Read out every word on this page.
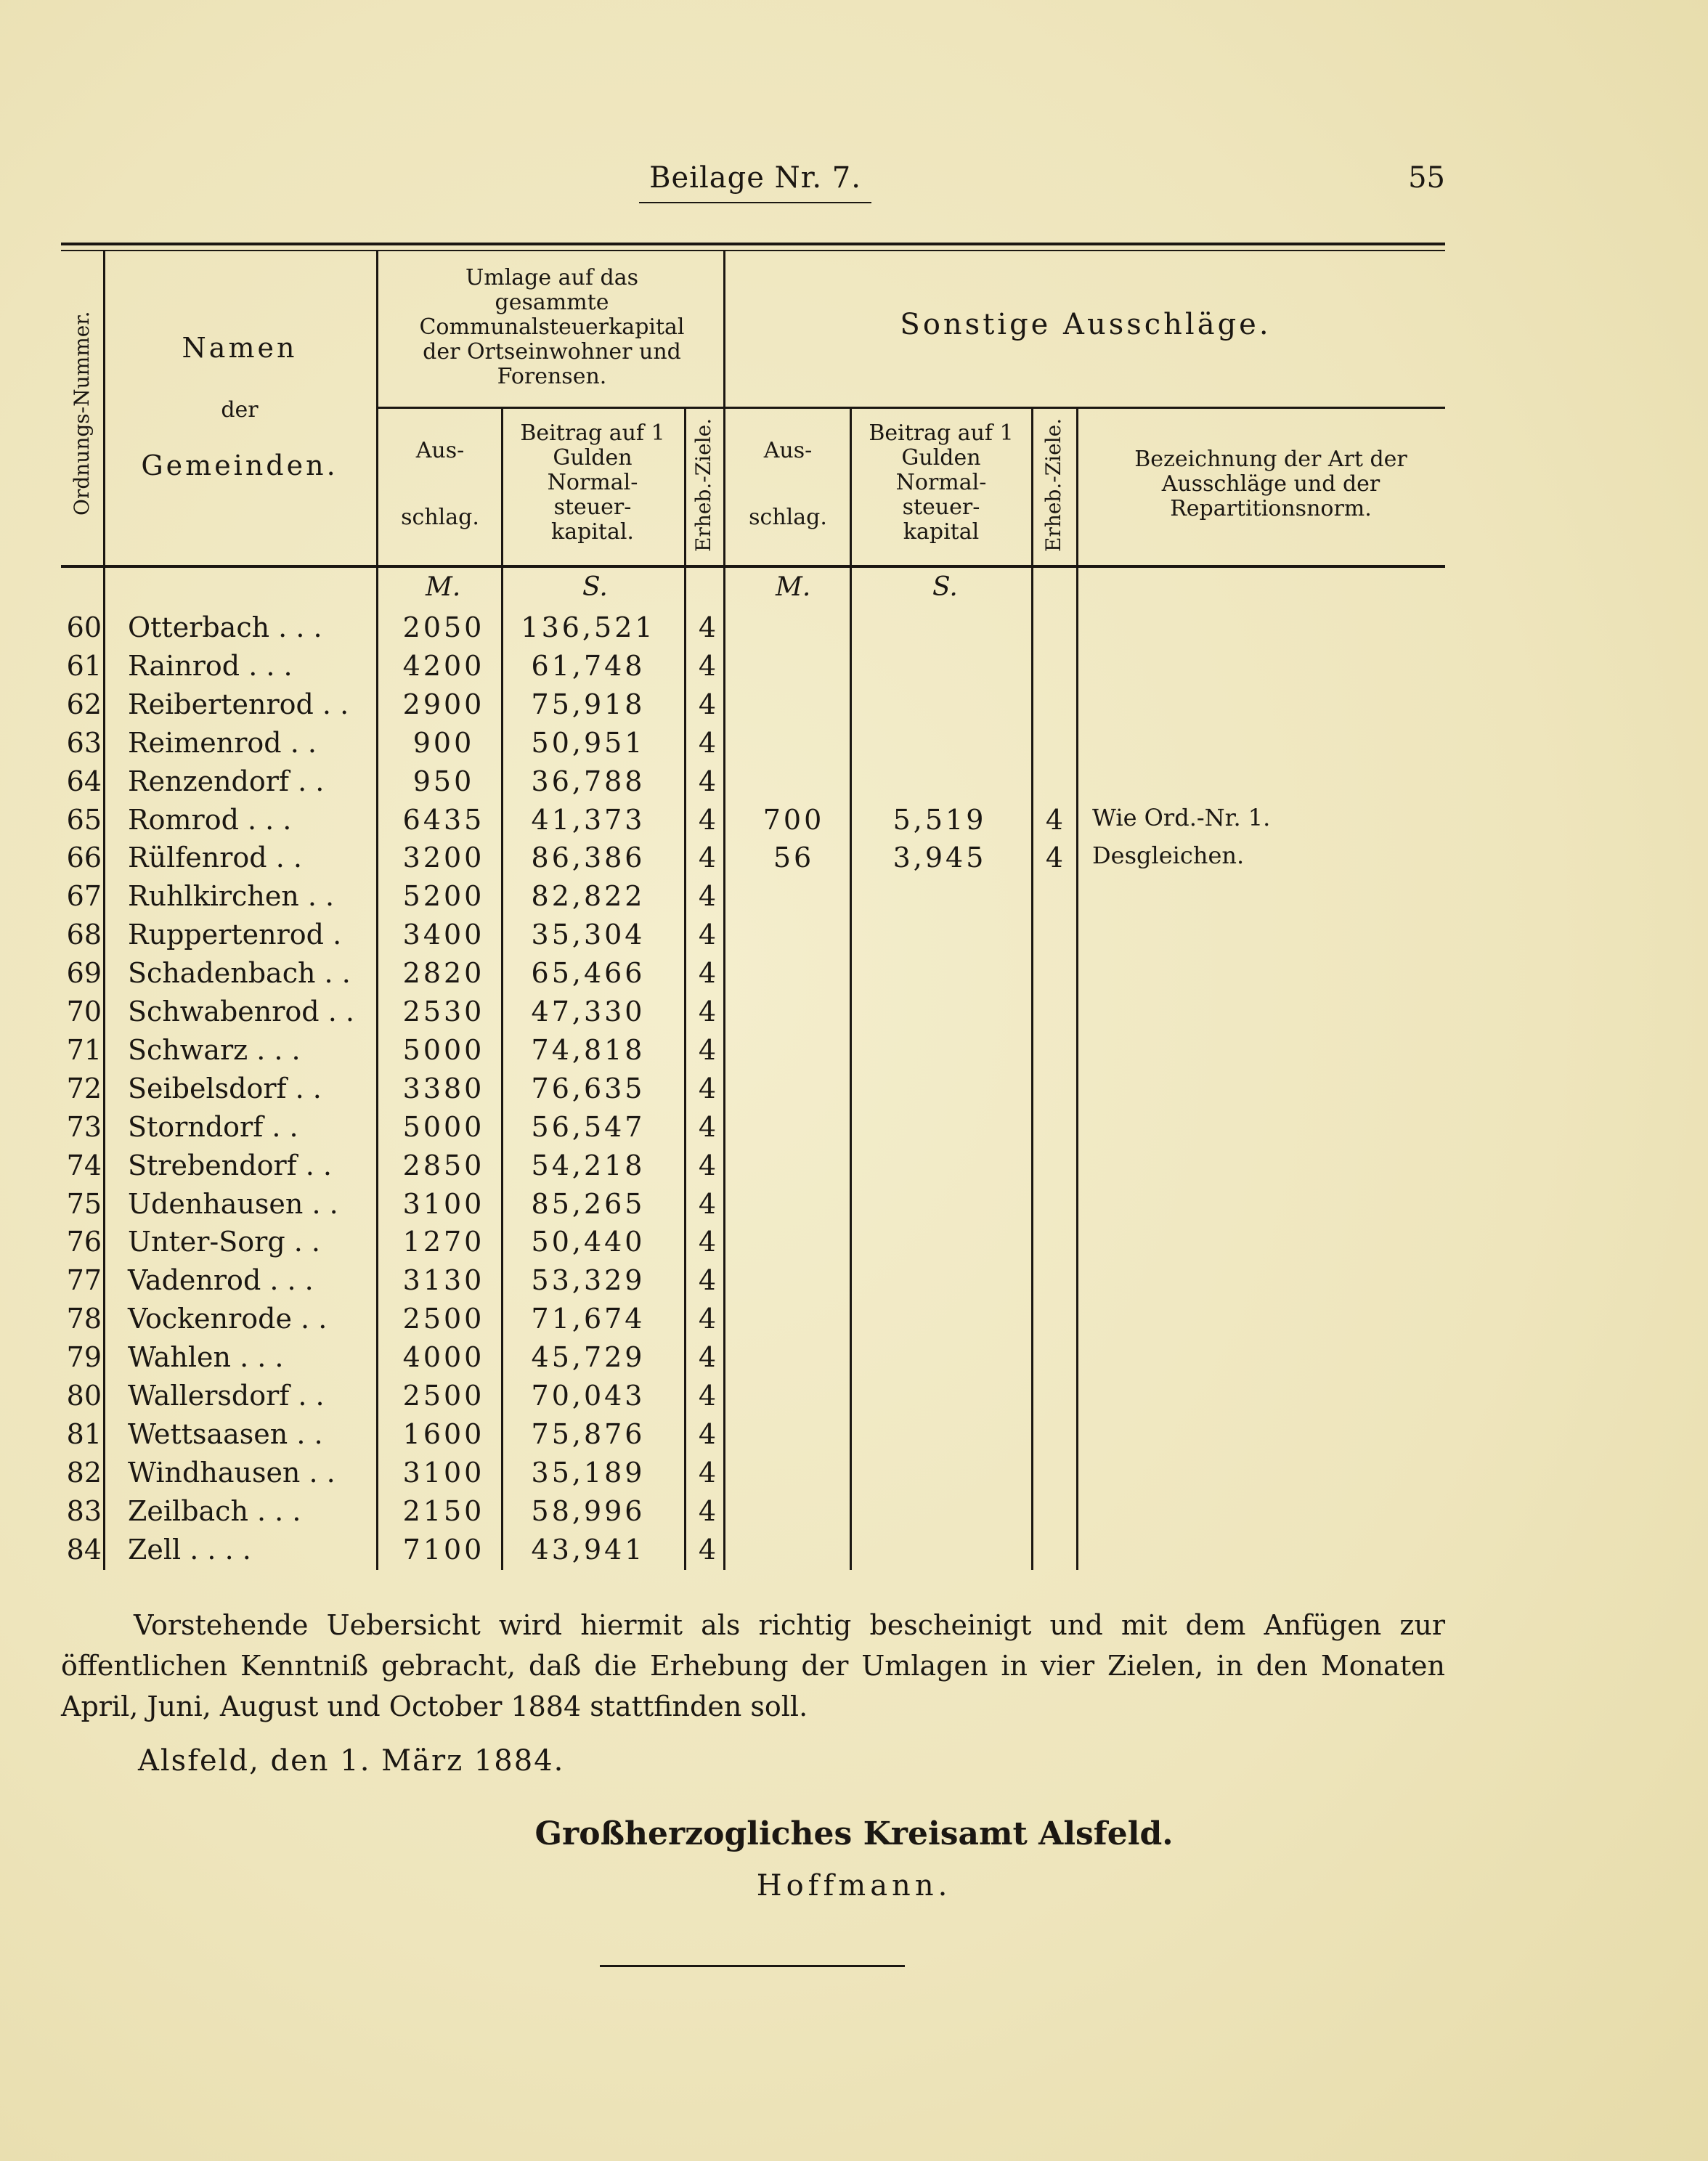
Beilage Nr. 7.	55
Ordnungs-Nummer.	Namen
der
Gemeinden.
Umlage auf das gesammte Communalsteuerkapital der Ortseinwohner und Forensen.
Sonstige Ausschläge.
Aus-
schlag.
Beitrag auf 1 Gulden Normal-steuer-kapital.	Erheb.-Ziele.	Aus-
schlag.
Beitrag auf 1 Gulden Normal-steuer-kapital	Erheb.-Ziele.	Bezeichnung der Art der Ausschläge und der Repartitionsnorm.
M.	S.	M.	S.
60 Otterbach . . .	2050	136,521	4
61 Rainrod . . .	4200	61,748	4
62 Reibertenrod . .	2900	75,918	4
63 Reimenrod . .	900	50,951	4
64 Renzendorf . .	950	36,788	4
65 Romrod . . .	6435	41,373	4	700	5,519	4	Wie Ord.-Nr. 1.
66 Rülfenrod . .	3200	86,386	4	56	3,945	4	Desgleichen.
67 Ruhlkirchen . .	5200	82,822	4
68 Ruppertenrod .	3400	35,304	4
69 Schadenbach . .	2820	65,466	4
70 Schwabenrod . .	2530	47,330	4
71 Schwarz . . .	5000	74,818	4
72 Seibelsdorf . .	3380	76,635	4
73 Storndorf . .	5000	56,547	4
74 Strebendorf . .	2850	54,218	4
75 Udenhausen . .	3100	85,265	4
76 Unter-Sorg . .	1270	50,440	4
77 Vadenrod . . .	3130	53,329	4
78 Vockenrode . .	2500	71,674	4
79 Wahlen . . .	4000	45,729	4
80 Wallersdorf . .	2500	70,043	4
81 Wettsaasen . .	1600	75,876	4
82 Windhausen . .	3100	35,189	4
83 Zeilbach . . .	2150	58,996	4
84 Zell . . . .	7100	43,941	4
Vorstehende Uebersicht wird hiermit als richtig bescheinigt und mit dem Anfügen zur öffentlichen Kenntniß gebracht, daß die Erhebung der Umlagen in vier Zielen, in den Monaten April, Juni, August und October 1884 stattfinden soll.
Alsfeld, den 1. März 1884.
Großherzogliches Kreisamt Alsfeld.
Hoffmann.
